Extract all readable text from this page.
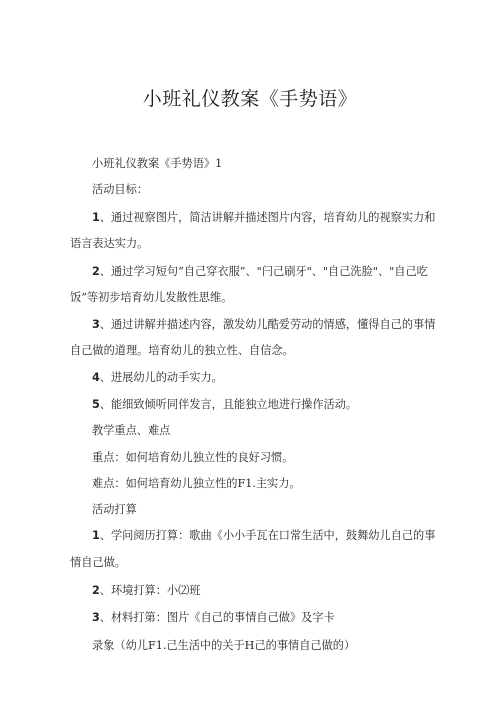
小班礼仪教案《手势语》
小班礼仪教案《手势语》1
活动目标：
1、通过视察图片，简洁讲解并描述图片内容，培育幼儿的视察实力和
语言表达实力。
2、通过学习短句“自己穿衣服”、"闩己刷牙"、"自己洗脸"、"自己吃
饭”等初步培育幼儿发散性思维。
3、通过讲解并描述内容，激发幼儿酷爱劳动的情感，懂得自己的事情
自己做的道理。培育幼儿的独立性、自信念。
4、进展幼儿的动手实力。
5、能细致倾听同伴发言，且能独立地进行操作活动。
教学重点、难点
重点：如何培育幼儿独立性的良好习惯。
难点：如何培育幼儿独立性的F1.主实力。
活动打算
1、学问阅历打算：歌曲《小小手瓦在口常生活中，鼓舞幼儿自己的事
情自己做。
2、环境打算：小⑵班
3、材料打第：图片《自己的事情自己做》及字卡
录象（幼儿F1.己生活中的关于H己的事情自己做的）
